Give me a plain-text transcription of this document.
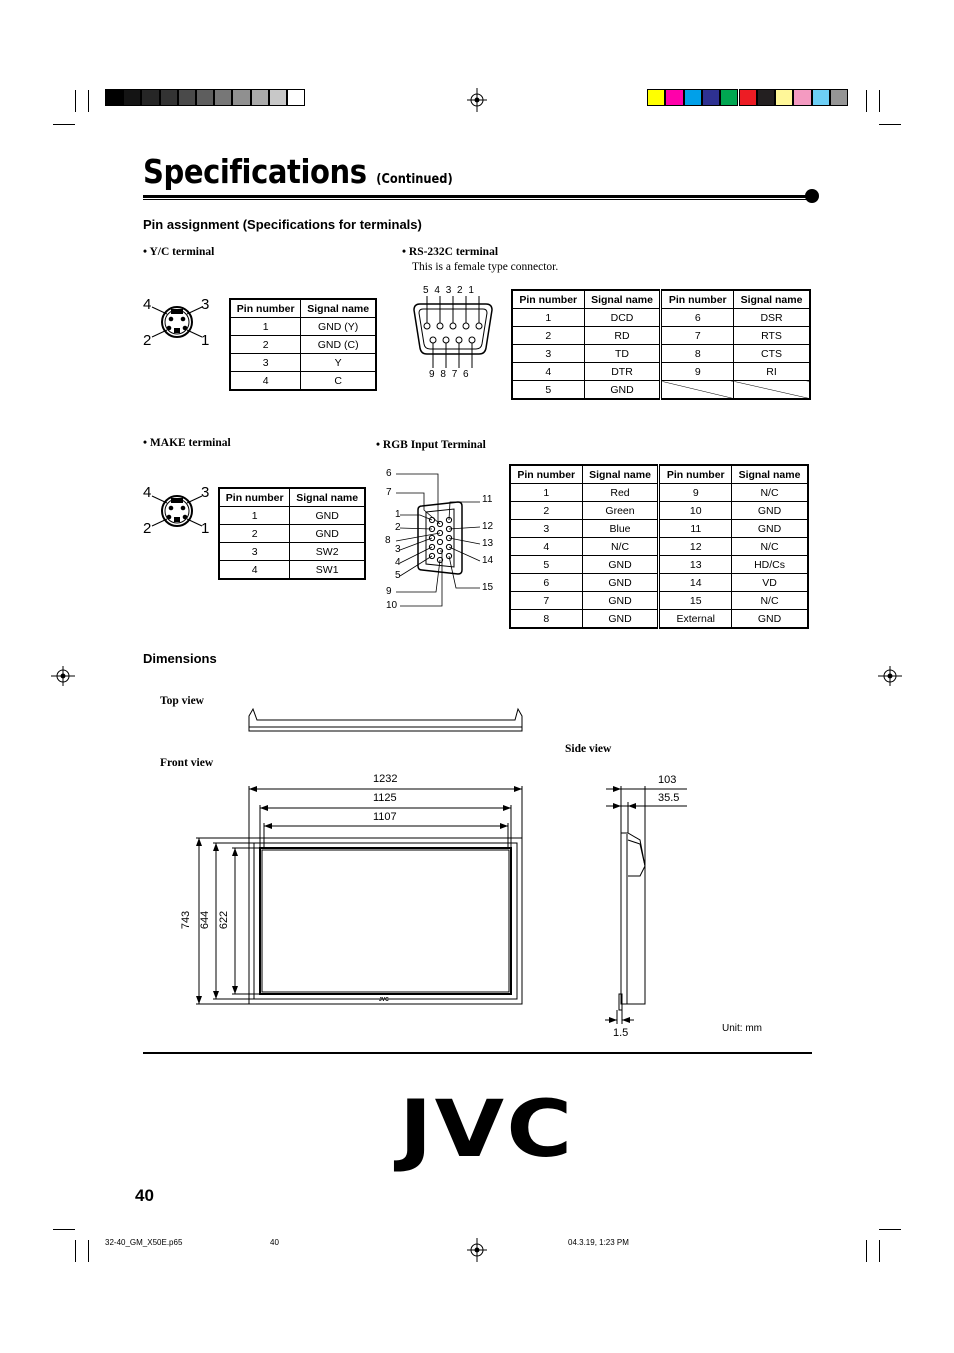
Specifications (Continued)
Pin assignment (Specifications for terminals)
• Y/C terminal
4	3
2	1
Pin number	Signal name
1	GND (Y)
2	GND (C)
3	Y
4	C
• RS-232C terminal
This is a female type connector.
5 4 3 2 1
9 8 7 6
Pin number	Signal name	Pin number	Signal name
1	DCD	6	DSR
2	RD	7	RTS
3	TD	8	CTS
4	DTR	9	RI
5	GND		
• MAKE terminal
4	3
2	1
Pin number	Signal name
1	GND
2	GND
3	SW2
4	SW1
• RGB Input Terminal
6
7
1
2
8
3
4
5
9
10
11
12
13
14
15
Pin number	Signal name	Pin number	Signal name
1	Red	9	N/C
2	Green	10	GND
3	Blue	11	GND
4	N/C	12	N/C
5	GND	13	HD/Cs
6	GND	14	VD
7	GND	15	N/C
8	GND	External	GND
Dimensions
Top view
Front view
Side view
1232
1125
1107
743 644 622
103
35.5
1.5	Unit: mm
JVC
JVC
40
32-40_GM_X50E.p65	40	04.3.19, 1:23 PM
